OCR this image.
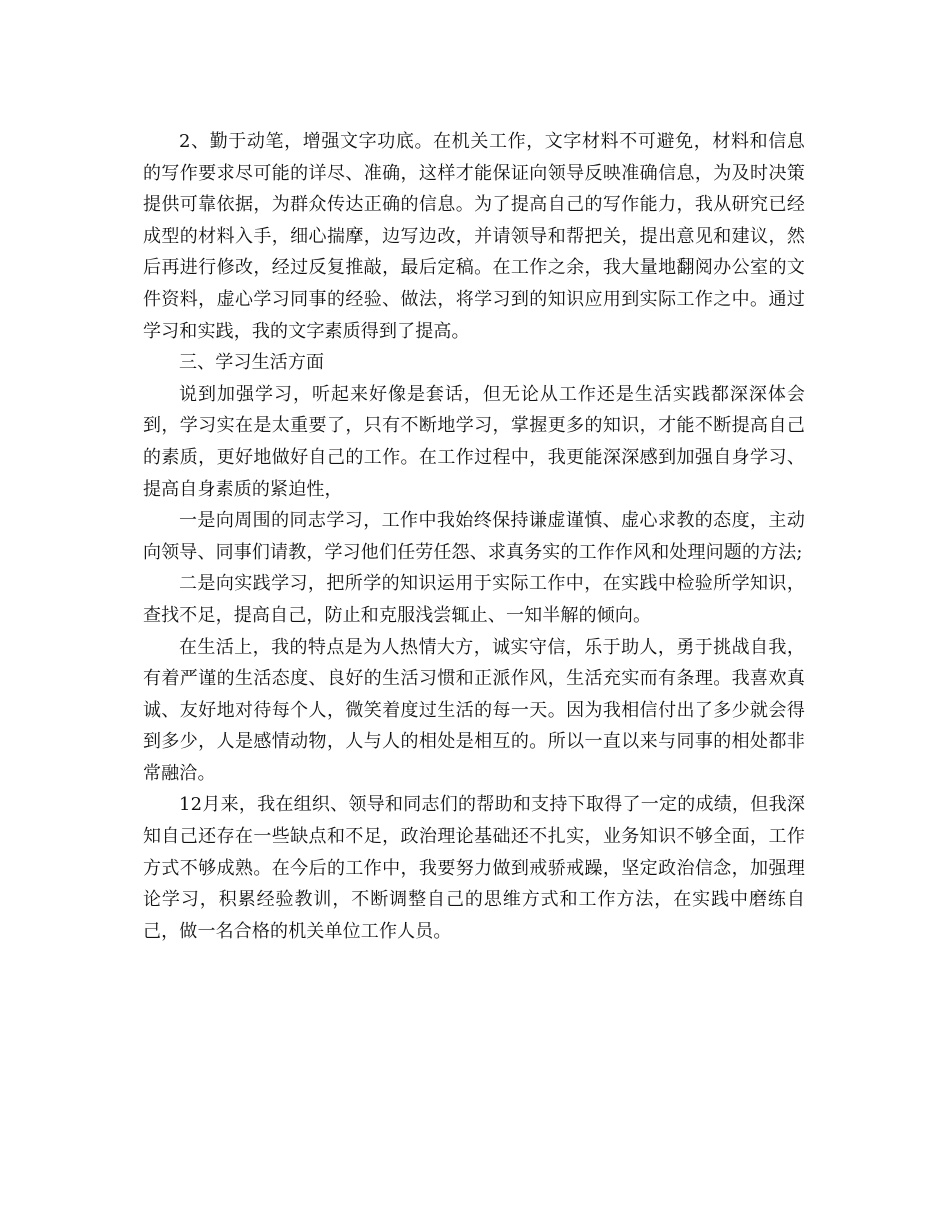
2、勤于动笔，增强文字功底。在机关工作，文字材料不可避免，材料和信息的写作要求尽可能的详尽、准确，这样才能保证向领导反映准确信息，为及时决策提供可靠依据，为群众传达正确的信息。为了提高自己的写作能力，我从研究已经成型的材料入手，细心揣摩，边写边改，并请领导和帮把关，提出意见和建议，然后再进行修改，经过反复推敲，最后定稿。在工作之余，我大量地翻阅办公室的文件资料，虚心学习同事的经验、做法，将学习到的知识应用到实际工作之中。通过学习和实践，我的文字素质得到了提高。

三、学习生活方面

说到加强学习，听起来好像是套话，但无论从工作还是生活实践都深深体会到，学习实在是太重要了，只有不断地学习，掌握更多的知识，才能不断提高自己的素质，更好地做好自己的工作。在工作过程中，我更能深深感到加强自身学习、提高自身素质的紧迫性，

一是向周围的同志学习，工作中我始终保持谦虚谨慎、虚心求教的态度，主动向领导、同事们请教，学习他们任劳任怨、求真务实的工作作风和处理问题的方法;

二是向实践学习，把所学的知识运用于实际工作中，在实践中检验所学知识，查找不足，提高自己，防止和克服浅尝辄止、一知半解的倾向。

在生活上，我的特点是为人热情大方，诚实守信，乐于助人，勇于挑战自我，有着严谨的生活态度、良好的生活习惯和正派作风，生活充实而有条理。我喜欢真诚、友好地对待每个人，微笑着度过生活的每一天。因为我相信付出了多少就会得到多少，人是感情动物，人与人的相处是相互的。所以一直以来与同事的相处都非常融洽。

12月来，我在组织、领导和同志们的帮助和支持下取得了一定的成绩，但我深知自己还存在一些缺点和不足，政治理论基础还不扎实，业务知识不够全面，工作方式不够成熟。在今后的工作中，我要努力做到戒骄戒躁，坚定政治信念，加强理论学习，积累经验教训，不断调整自己的思维方式和工作方法，在实践中磨练自己，做一名合格的机关单位工作人员。
